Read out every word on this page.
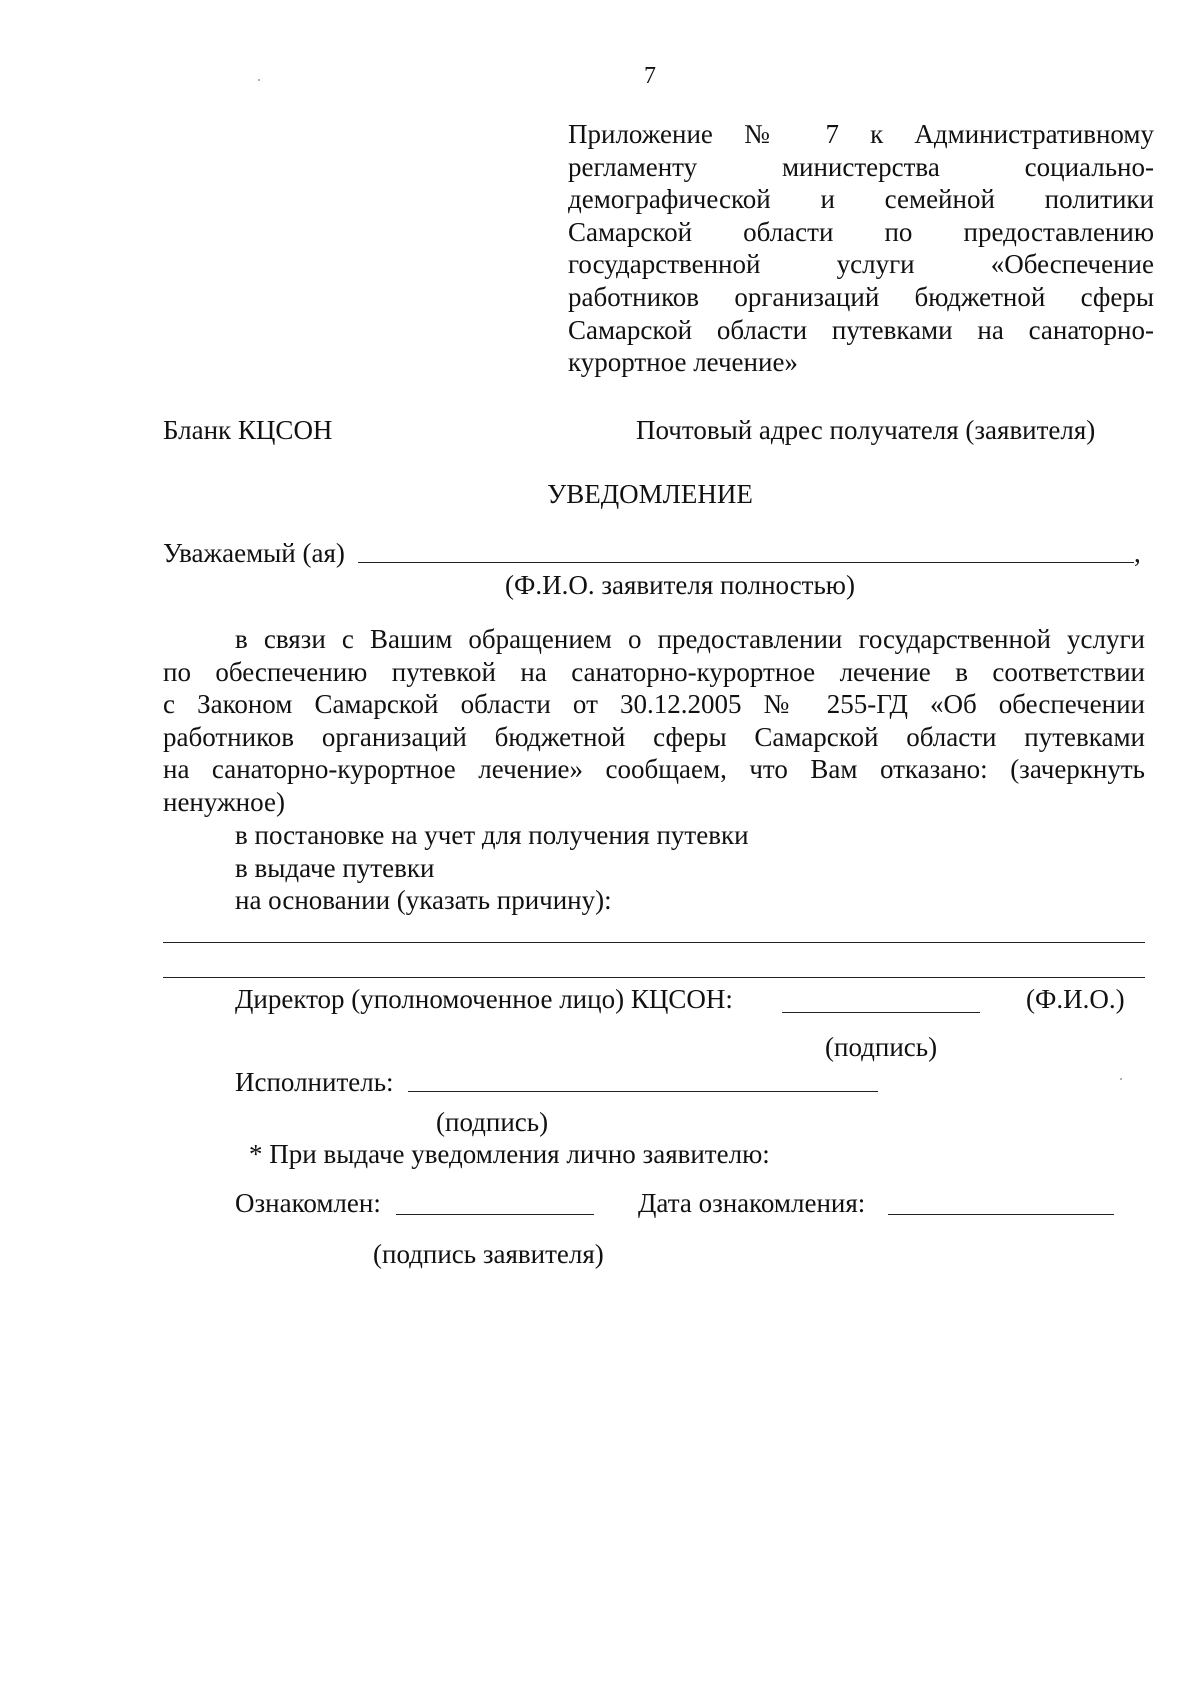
7
Приложение № 7 к Административному
регламенту министерства социально-
демографической и семейной политики
Самарской области по предоставлению
государственной услуги «Обеспечение
работников организаций бюджетной сферы
Самарской области путевками на санаторно-
курортное лечение»
Бланк КЦСОН	Почтовый адрес получателя (заявителя)
УВЕДОМЛЕНИЕ
Уважаемый (ая)	,
(Ф.И.О. заявителя полностью)
в связи с Вашим обращением о предоставлении государственной услуги
по обеспечению путевкой на санаторно-курортное лечение в соответствии
с Законом Самарской области от 30.12.2005 № 255-ГД «Об обеспечении
работников организаций бюджетной сферы Самарской области путевками
на санаторно-курортное лечение» сообщаем, что Вам отказано: (зачеркнуть
ненужное)
в постановке на учет для получения путевки
в выдаче путевки
на основании (указать причину):
Директор (уполномоченное лицо) КЦСОН:	(Ф.И.О.)
(подпись)
Исполнитель:
(подпись)
* При выдаче уведомления лично заявителю:
Ознакомлен:	Дата ознакомления:
(подпись заявителя)
